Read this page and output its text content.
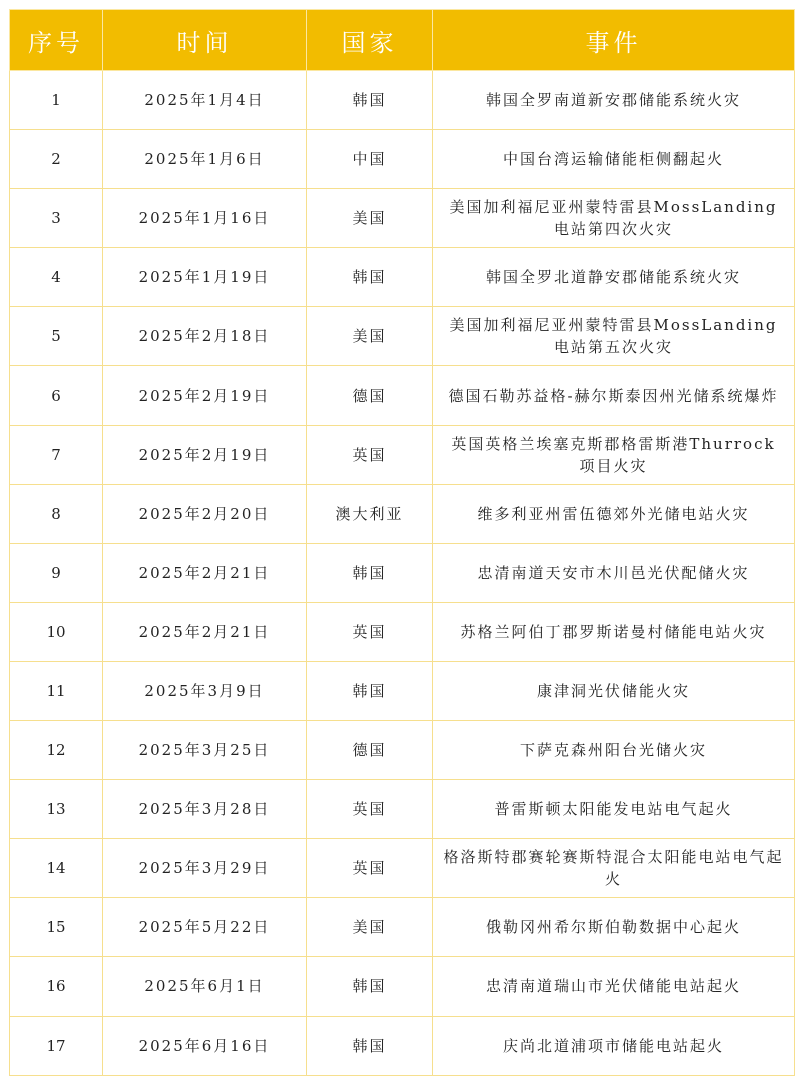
序号	时间	国家	事件
1	2025年1月4日	韩国	韩国全罗南道新安郡储能系统火灾
2	2025年1月6日	中国	中国台湾运输储能柜侧翻起火
3	2025年1月16日	美国	美国加利福尼亚州蒙特雷县MossLanding电站第四次火灾
4	2025年1月19日	韩国	韩国全罗北道静安郡储能系统火灾
5	2025年2月18日	美国	美国加利福尼亚州蒙特雷县MossLanding电站第五次火灾
6	2025年2月19日	德国	德国石勒苏益格-赫尔斯泰因州光储系统爆炸
7	2025年2月19日	英国	英国英格兰埃塞克斯郡格雷斯港Thurrock项目火灾
8	2025年2月20日	澳大利亚	维多利亚州雷伍德郊外光储电站火灾
9	2025年2月21日	韩国	忠清南道天安市木川邑光伏配储火灾
10	2025年2月21日	英国	苏格兰阿伯丁郡罗斯诺曼村储能电站火灾
11	2025年3月9日	韩国	康津洞光伏储能火灾
12	2025年3月25日	德国	下萨克森州阳台光储火灾
13	2025年3月28日	英国	普雷斯顿太阳能发电站电气起火
14	2025年3月29日	英国	格洛斯特郡赛轮赛斯特混合太阳能电站电气起火
15	2025年5月22日	美国	俄勒冈州希尔斯伯勒数据中心起火
16	2025年6月1日	韩国	忠清南道瑞山市光伏储能电站起火
17	2025年6月16日	韩国	庆尚北道浦项市储能电站起火
